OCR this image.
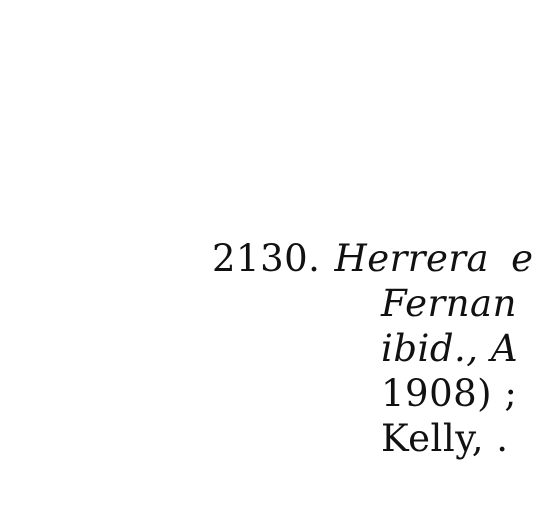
2130. Herrera e
Fernan
ibid., A
1908) ;
Kelly, .
